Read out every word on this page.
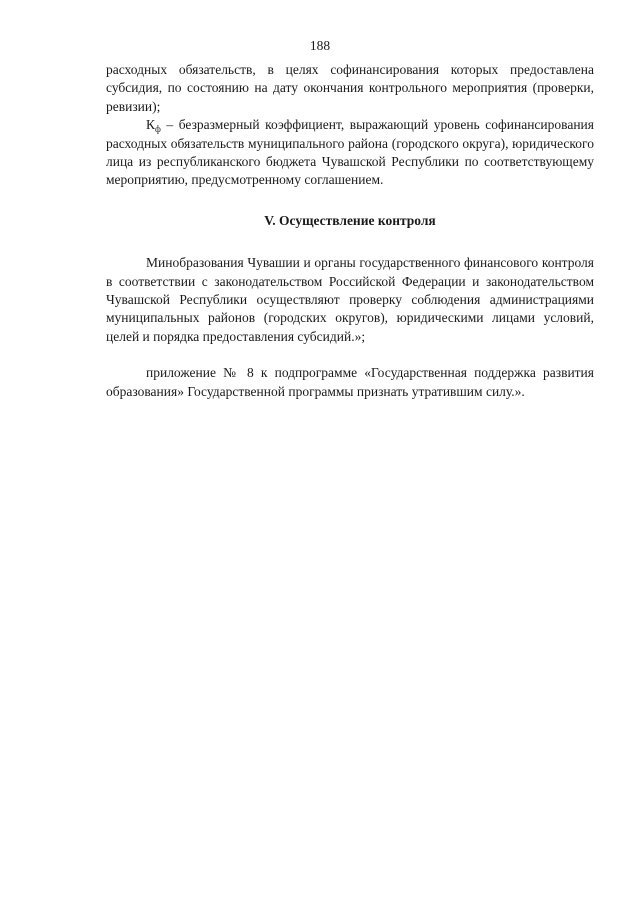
188

расходных обязательств, в целях софинансирования которых предоставлена субсидия, по состоянию на дату окончания контрольного мероприятия (проверки, ревизии);

$К_ф$ – безразмерный коэффициент, выражающий уровень софинансирования расходных обязательств муниципального района (городского округа), юридического лица из республиканского бюджета Чувашской Республики по соответствующему мероприятию, предусмотренному соглашением.

V. Осуществление контроля

Минобразования Чувашии и органы государственного финансового контроля в соответствии с законодательством Российской Федерации и законодательством Чувашской Республики осуществляют проверку соблюдения администрациями муниципальных районов (городских округов), юридическими лицами условий, целей и порядка предоставления субсидий.»;

приложение № 8 к подпрограмме «Государственная поддержка развития образования» Государственной программы признать утратившим силу.».
